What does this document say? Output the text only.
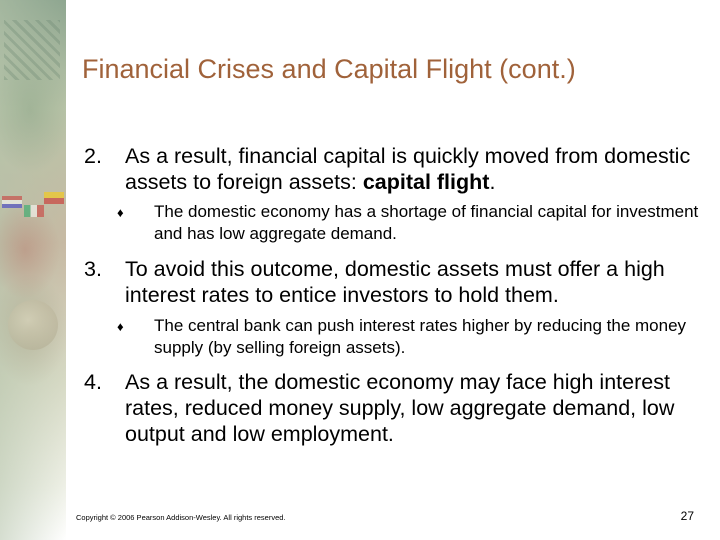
Financial Crises and Capital Flight (cont.)
2. As a result, financial capital is quickly moved from domestic assets to foreign assets: capital flight.
♦ The domestic economy has a shortage of financial capital for investment and has low aggregate demand.
3. To avoid this outcome, domestic assets must offer a high interest rates to entice investors to hold them.
♦ The central bank can push interest rates higher by reducing the money supply (by selling foreign assets).
4. As a result, the domestic economy may face high interest rates, reduced money supply, low aggregate demand, low output and low employment.
Copyright © 2006 Pearson Addison-Wesley. All rights reserved.	27
